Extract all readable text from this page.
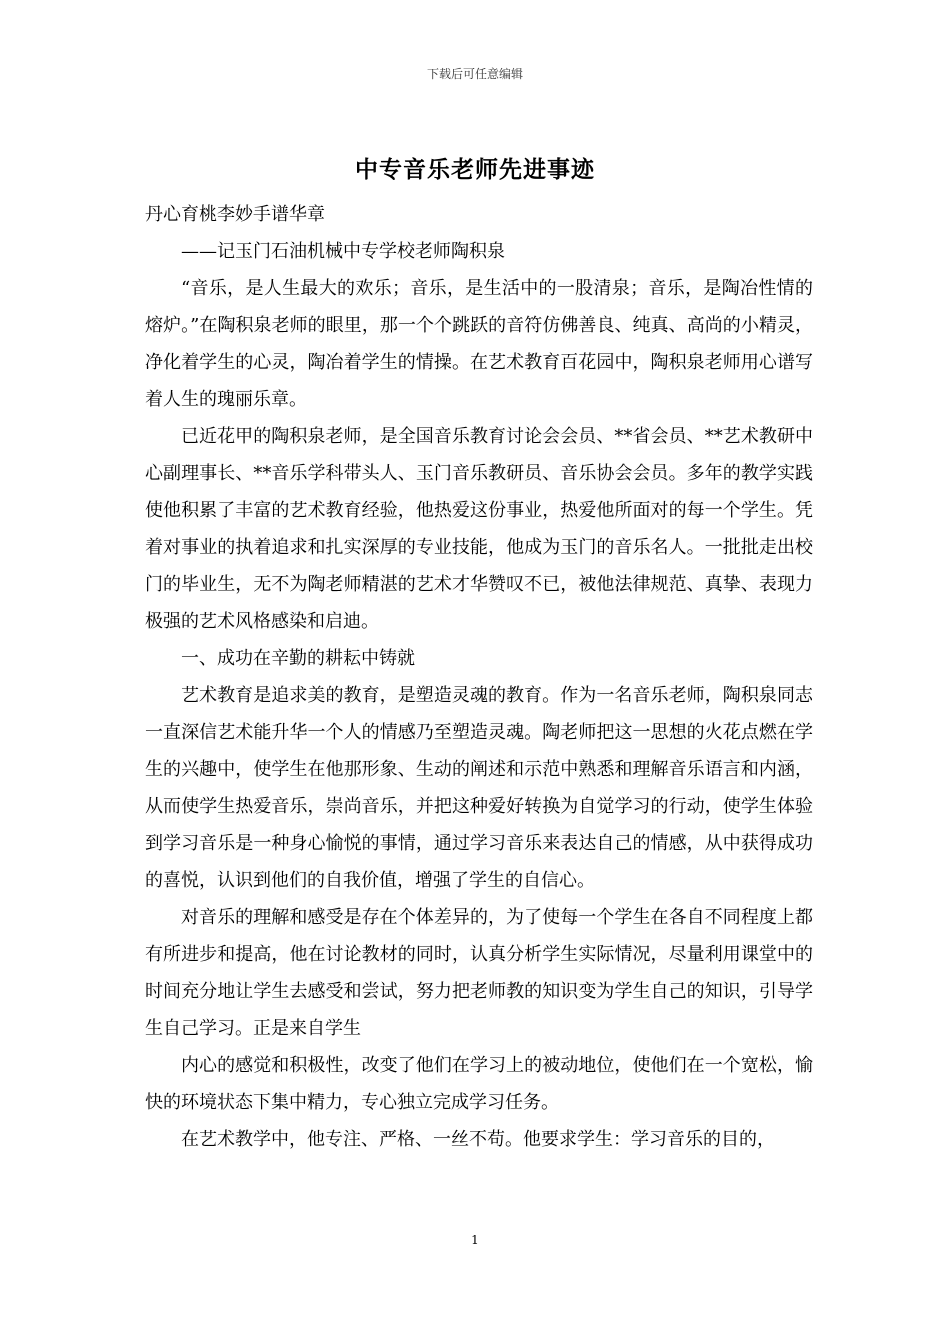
下载后可任意编辑
中专音乐老师先进事迹

丹心育桃李妙手谱华章

——记玉门石油机械中专学校老师陶积泉

“音乐，是人生最大的欢乐；音乐，是生活中的一股清泉；音乐，是陶冶性情的熔炉。”在陶积泉老师的眼里，那一个个跳跃的音符仿佛善良、纯真、高尚的小精灵，净化着学生的心灵，陶冶着学生的情操。在艺术教育百花园中，陶积泉老师用心谱写着人生的瑰丽乐章。

已近花甲的陶积泉老师，是全国音乐教育讨论会会员、**省会员、**艺术教研中心副理事长、**音乐学科带头人、玉门音乐教研员、音乐协会会员。多年的教学实践使他积累了丰富的艺术教育经验，他热爱这份事业，热爱他所面对的每一个学生。凭着对事业的执着追求和扎实深厚的专业技能，他成为玉门的音乐名人。一批批走出校门的毕业生，无不为陶老师精湛的艺术才华赞叹不已，被他法律规范、真挚、表现力极强的艺术风格感染和启迪。

一、成功在辛勤的耕耘中铸就

艺术教育是追求美的教育，是塑造灵魂的教育。作为一名音乐老师，陶积泉同志一直深信艺术能升华一个人的情感乃至塑造灵魂。陶老师把这一思想的火花点燃在学生的兴趣中，使学生在他那形象、生动的阐述和示范中熟悉和理解音乐语言和内涵，从而使学生热爱音乐，崇尚音乐，并把这种爱好转换为自觉学习的行动，使学生体验到学习音乐是一种身心愉悦的事情，通过学习音乐来表达自己的情感，从中获得成功的喜悦，认识到他们的自我价值，增强了学生的自信心。

对音乐的理解和感受是存在个体差异的，为了使每一个学生在各自不同程度上都有所进步和提高，他在讨论教材的同时，认真分析学生实际情况，尽量利用课堂中的时间充分地让学生去感受和尝试，努力把老师教的知识变为学生自己的知识，引导学生自己学习。正是来自学生

内心的感觉和积极性，改变了他们在学习上的被动地位，使他们在一个宽松，愉快的环境状态下集中精力，专心独立完成学习任务。

在艺术教学中，他专注、严格、一丝不苟。他要求学生：学习音乐的目的，

1
